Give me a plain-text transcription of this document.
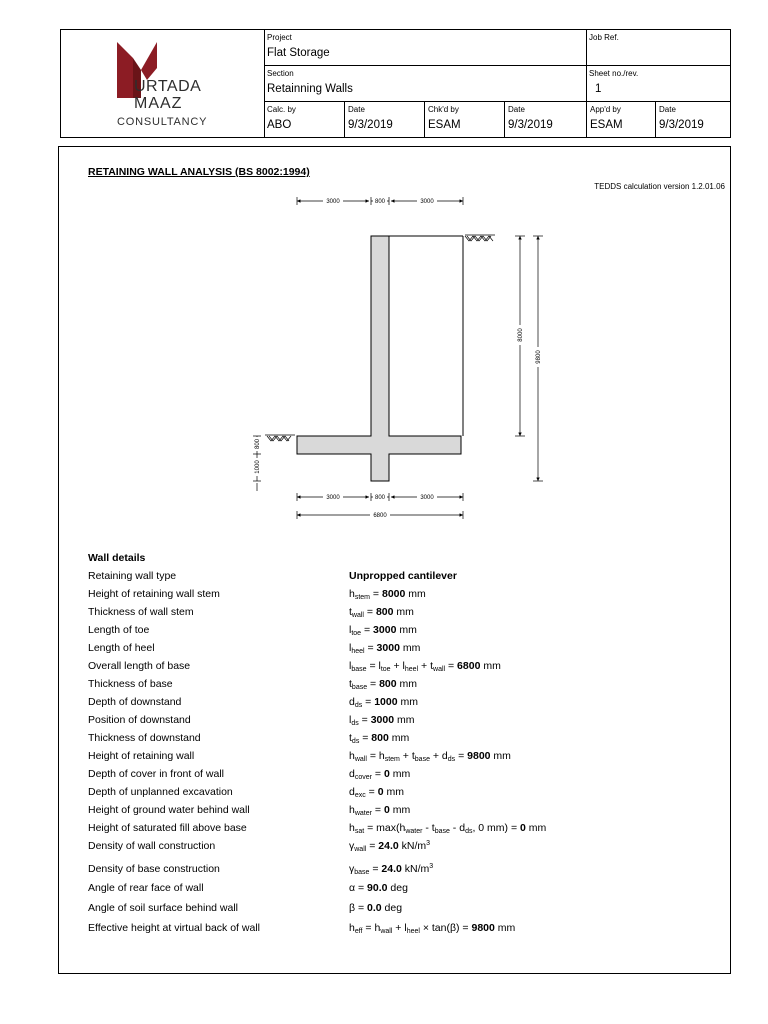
URTADA
MAAZ
CONSULTANCY
Project
Flat Storage
Job Ref.
Section
Retainning Walls
Sheet no./rev.
1
Calc. by
ABO
Date
9/3/2019
Chk'd by
ESAM
Date
9/3/2019
App'd by
ESAM
Date
9/3/2019
RETAINING WALL ANALYSIS (BS 8002:1994)
TEDDS calculation version 1.2.01.06
3000	800	3000
8000
9800
800
1000
3000	800	3000
6800
Wall details
Retaining wall type	Unpropped cantilever
Height of retaining wall stem	$h_{stem} = 8000$ mm
Thickness of wall stem	$t_{wall} = 800$ mm
Length of toe	$l_{toe} = 3000$ mm
Length of heel	$l_{heel} = 3000$ mm
Overall length of base	$l_{base} = l_{toe} + l_{heel} + t_{wall} = 6800$ mm
Thickness of base	$t_{base} = 800$ mm
Depth of downstand	$d_{ds} = 1000$ mm
Position of downstand	$l_{ds} = 3000$ mm
Thickness of downstand	$t_{ds} = 800$ mm
Height of retaining wall	$h_{wall} = h_{stem} + t_{base} + d_{ds} = 9800$ mm
Depth of cover in front of wall	$d_{cover} = 0$ mm
Depth of unplanned excavation	$d_{exc} = 0$ mm
Height of ground water behind wall	$h_{water} = 0$ mm
Height of saturated fill above base	$h_{sat} = \max(h_{water} - t_{base} - d_{ds}$, 0 mm) = 0 mm
Density of wall construction	$\gamma_{wall} = 24.0$ $kN/m^3$
Density of base construction	$\gamma_{base} = 24.0$ $kN/m^3$
Angle of rear face of wall	α = 90.0 deg
Angle of soil surface behind wall	β = 0.0 deg
Effective height at virtual back of wall	$h_{eff} = h_{wall} + l_{heel} \times \tan(\beta) = 9800$ mm
